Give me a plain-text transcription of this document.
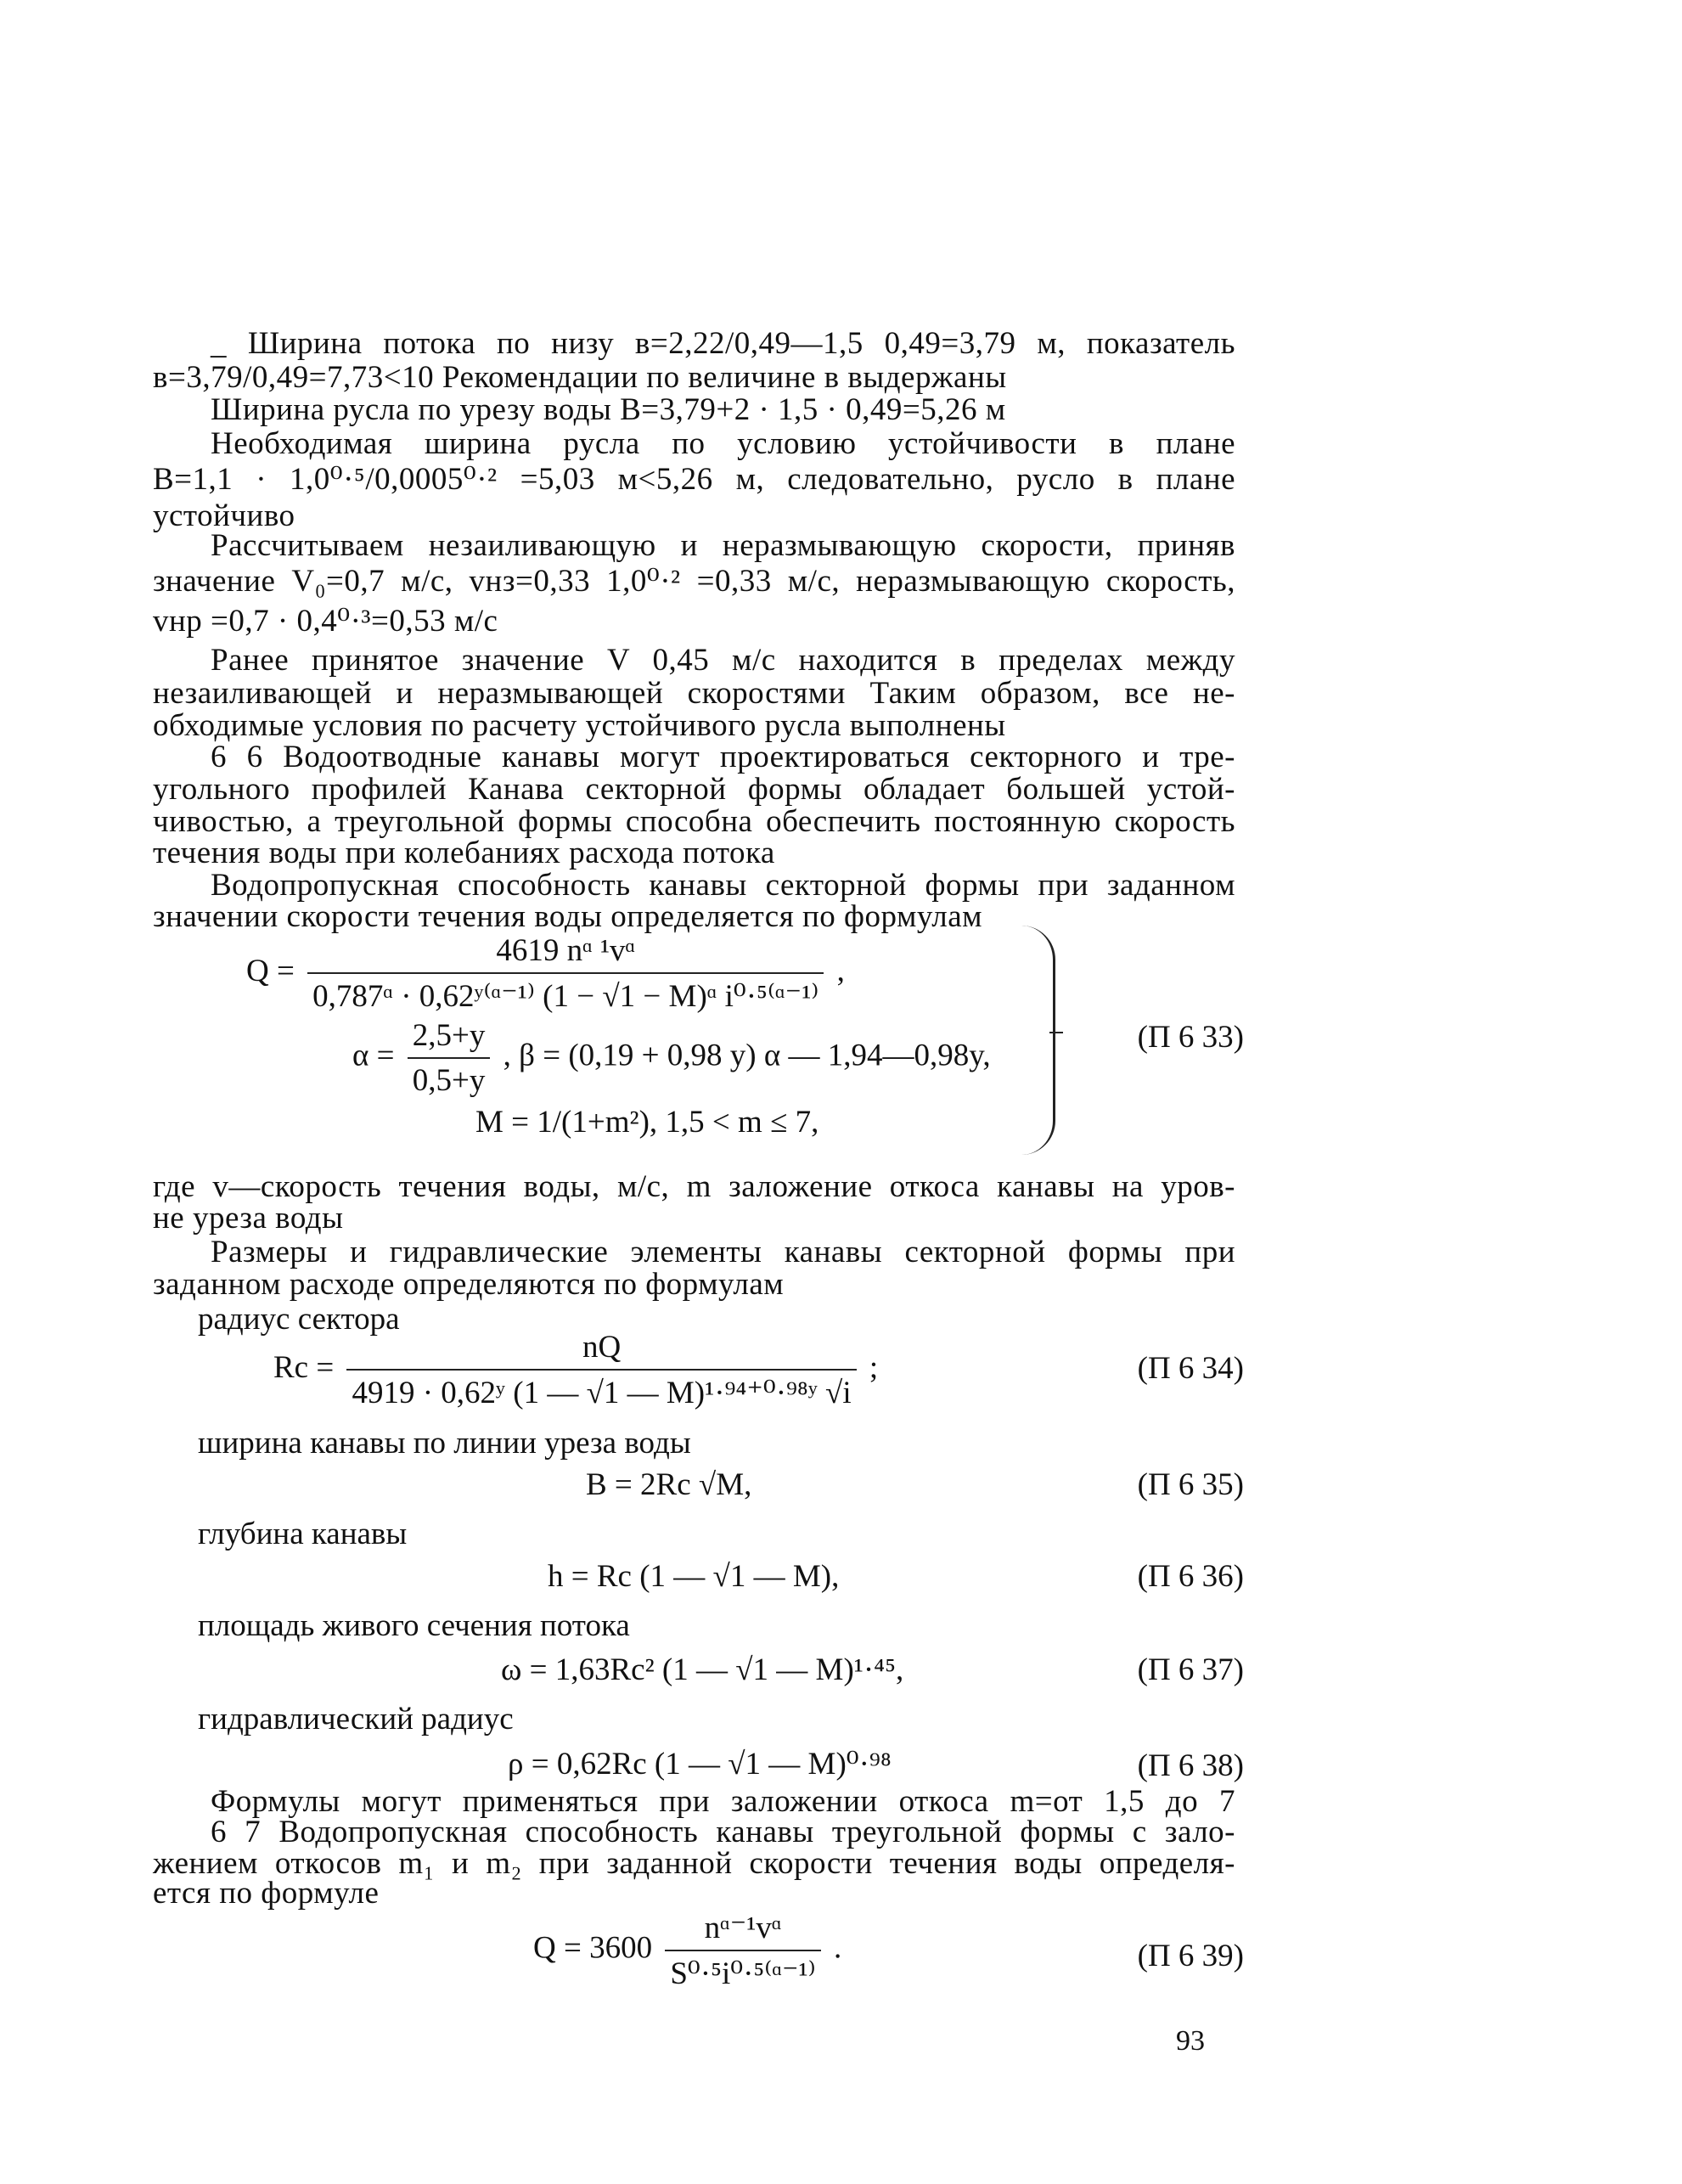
_ Ширина потока по низу в=2,22/0,49—1,5 0,49=3,79 м, показатель
в=3,79/0,49=7,73<10 Рекомендации по величине в выдержаны
Ширина русла по урезу воды В=3,79+2 · 1,5 · 0,49=5,26 м
Необходимая ширина русла по условию устойчивости в плане
В=1,1 · 1,0⁰·⁵/0,0005⁰·² =5,03 м<5,26 м, следовательно, русло в плане
устойчиво
Рассчитываем незаиливающую и неразмывающую скорости, приняв
значение V₀=0,7 м/с, vнз=0,33 1,0⁰·² =0,33 м/с, неразмывающую скорость,
vнр =0,7 · 0,4⁰·³=0,53 м/с
Ранее принятое значение V 0,45 м/с находится в пределах между
незаиливающей и неразмывающей скоростями Таким образом, все не-
обходимые условия по расчету устойчивого русла выполнены
6 6 Водоотводные канавы могут проектироваться секторного и тре-
угольного профилей Канава секторной формы обладает большей устой-
чивостью, а треугольной формы способна обеспечить постоянную скорость
течения воды при колебаниях расхода потока
Водопропускная способность канавы секторной формы при заданном
значении скорости течения воды определяется по формулам
$Q = \frac{\text{4619 nᵅ ¹vᵅ}}{\text{0,787ᵅ · 0,62ʸ⁽ᵅ⁻¹⁾ (1 − √1 − M)ᵅ i⁰·⁵⁽ᵅ⁻¹⁾}}$ ,
$\alpha = \frac{2,5+y}{0,5+y}$ , β = (0,19 + 0,98 y) α — 1,94—0,98y,
M = 1/(1+m²), 1,5 < m ≤ 7,
(П 6 33)
где v—скорость течения воды, м/с, m заложение откоса канавы на уров-
не уреза воды
Размеры и гидравлические элементы канавы секторной формы при
заданном расходе определяются по формулам
радиус сектора
$Rc = \frac{nQ}{\text{4919 · 0,62ʸ (1 — √1 — M)¹·⁹⁴⁺⁰·⁹⁸ʸ √i}}$ ;	(П 6 34)
ширина канавы по линии уреза воды
B = 2Rc √M,	(П 6 35)
глубина канавы
h = Rc (1 — √1 — M),	(П 6 36)
площадь живого сечения потока
ω = 1,63Rc² (1 — √1 — M)¹·⁴⁵,	(П 6 37)
гидравлический радиус
ρ = 0,62Rc (1 — √1 — M)⁰·⁹⁸	(П 6 38)
Формулы могут применяться при заложении откоса m=от 1,5 до 7
6 7 Водопропускная способность канавы треугольной формы с зало-
жением откосов m₁ и m₂ при заданной скорости течения воды определя-
ется по формуле
$Q = 3600 \frac{\text{nᵅ⁻¹vᵅ}}{\text{S⁰·⁵i⁰·⁵⁽ᵅ⁻¹⁾}}$ .	(П 6 39)
93
